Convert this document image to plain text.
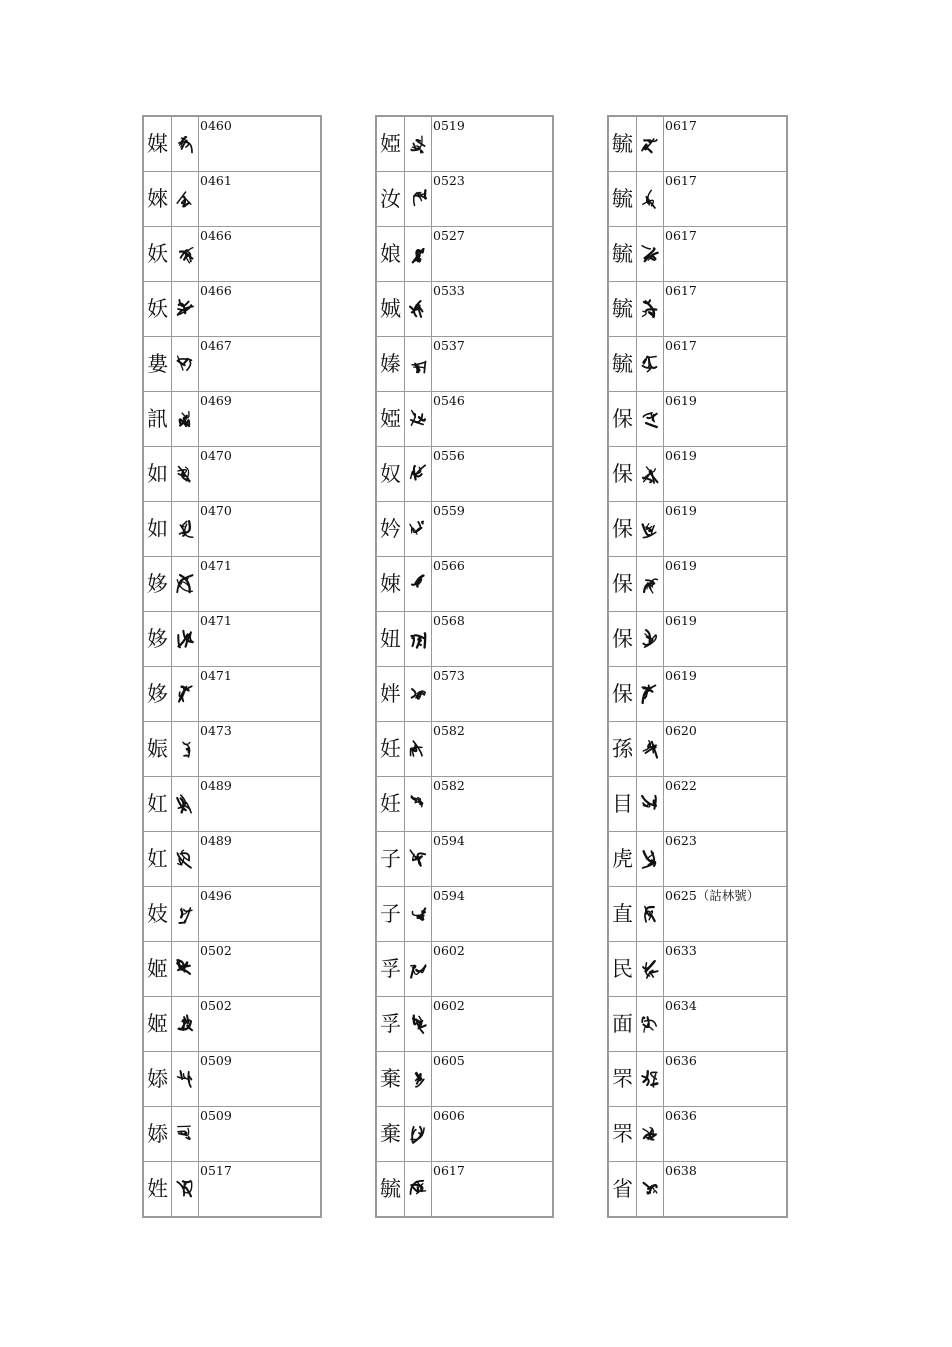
媒		0460
婡		0461
妖		0466
妖		0466
婁		0467
訊		0469
如		0470
如		0470
姼		0471
姼		0471
姼		0471
娠		0473
妅		0489
妅		0489
妓		0496
姬		0502
姬		0502
婖		0509
婖		0509
姓		0517
婭		0519
汝		0523
娘		0527
娍		0533
嫀		0537
婭		0546
奴		0556
妗		0559
娕		0566
妞		0568
姅		0573
妊		0582
妊		0582
子		0594
子		0594
孚		0602
孚		0602
棄		0605
棄		0606
毓		0617
毓		0617
毓		0617
毓		0617
毓		0617
毓		0617
保		0619
保		0619
保		0619
保		0619
保		0619
保		0619
孫		0620
目		0622
虎		0623
直		0625（詁林號）
民		0633
面		0634
罘		0636
罘		0636
省		0638
